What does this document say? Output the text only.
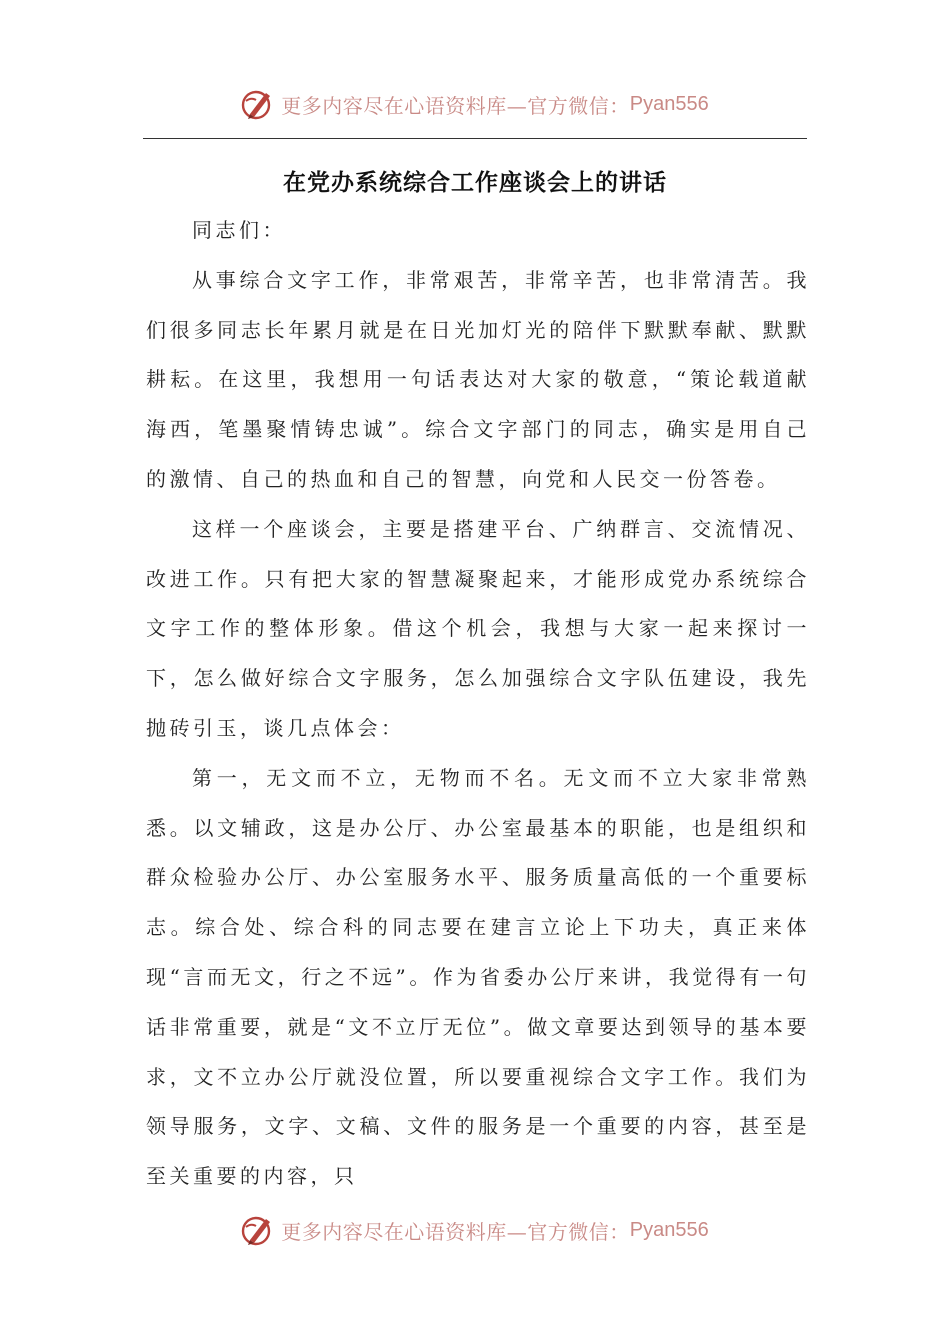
更多内容尽在心语资料库—官方微信： Pyan556
在党办系统综合工作座谈会上的讲话

同志们：

从事综合文字工作，非常艰苦，非常辛苦，也非常清苦。我们很多同志长年累月就是在日光加灯光的陪伴下默默奉献、默默耕耘。在这里，我想用一句话表达对大家的敬意，“策论载道献海西，笔墨聚情铸忠诚”。综合文字部门的同志，确实是用自己的激情、自己的热血和自己的智慧，向党和人民交一份答卷。

这样一个座谈会，主要是搭建平台、广纳群言、交流情况、改进工作。只有把大家的智慧凝聚起来，才能形成党办系统综合文字工作的整体形象。借这个机会，我想与大家一起来探讨一下，怎么做好综合文字服务，怎么加强综合文字队伍建设，我先抛砖引玉，谈几点体会：

第一，无文而不立，无物而不名。无文而不立大家非常熟悉。以文辅政，这是办公厅、办公室最基本的职能，也是组织和群众检验办公厅、办公室服务水平、服务质量高低的一个重要标志。综合处、综合科的同志要在建言立论上下功夫，真正来体现“言而无文，行之不远”。作为省委办公厅来讲，我觉得有一句话非常重要，就是“文不立厅无位”。做文章要达到领导的基本要求，文不立办公厅就没位置，所以要重视综合文字工作。我们为领导服务，文字、文稿、文件的服务是一个重要的内容，甚至是至关重要的内容，只

更多内容尽在心语资料库—官方微信： Pyan556
